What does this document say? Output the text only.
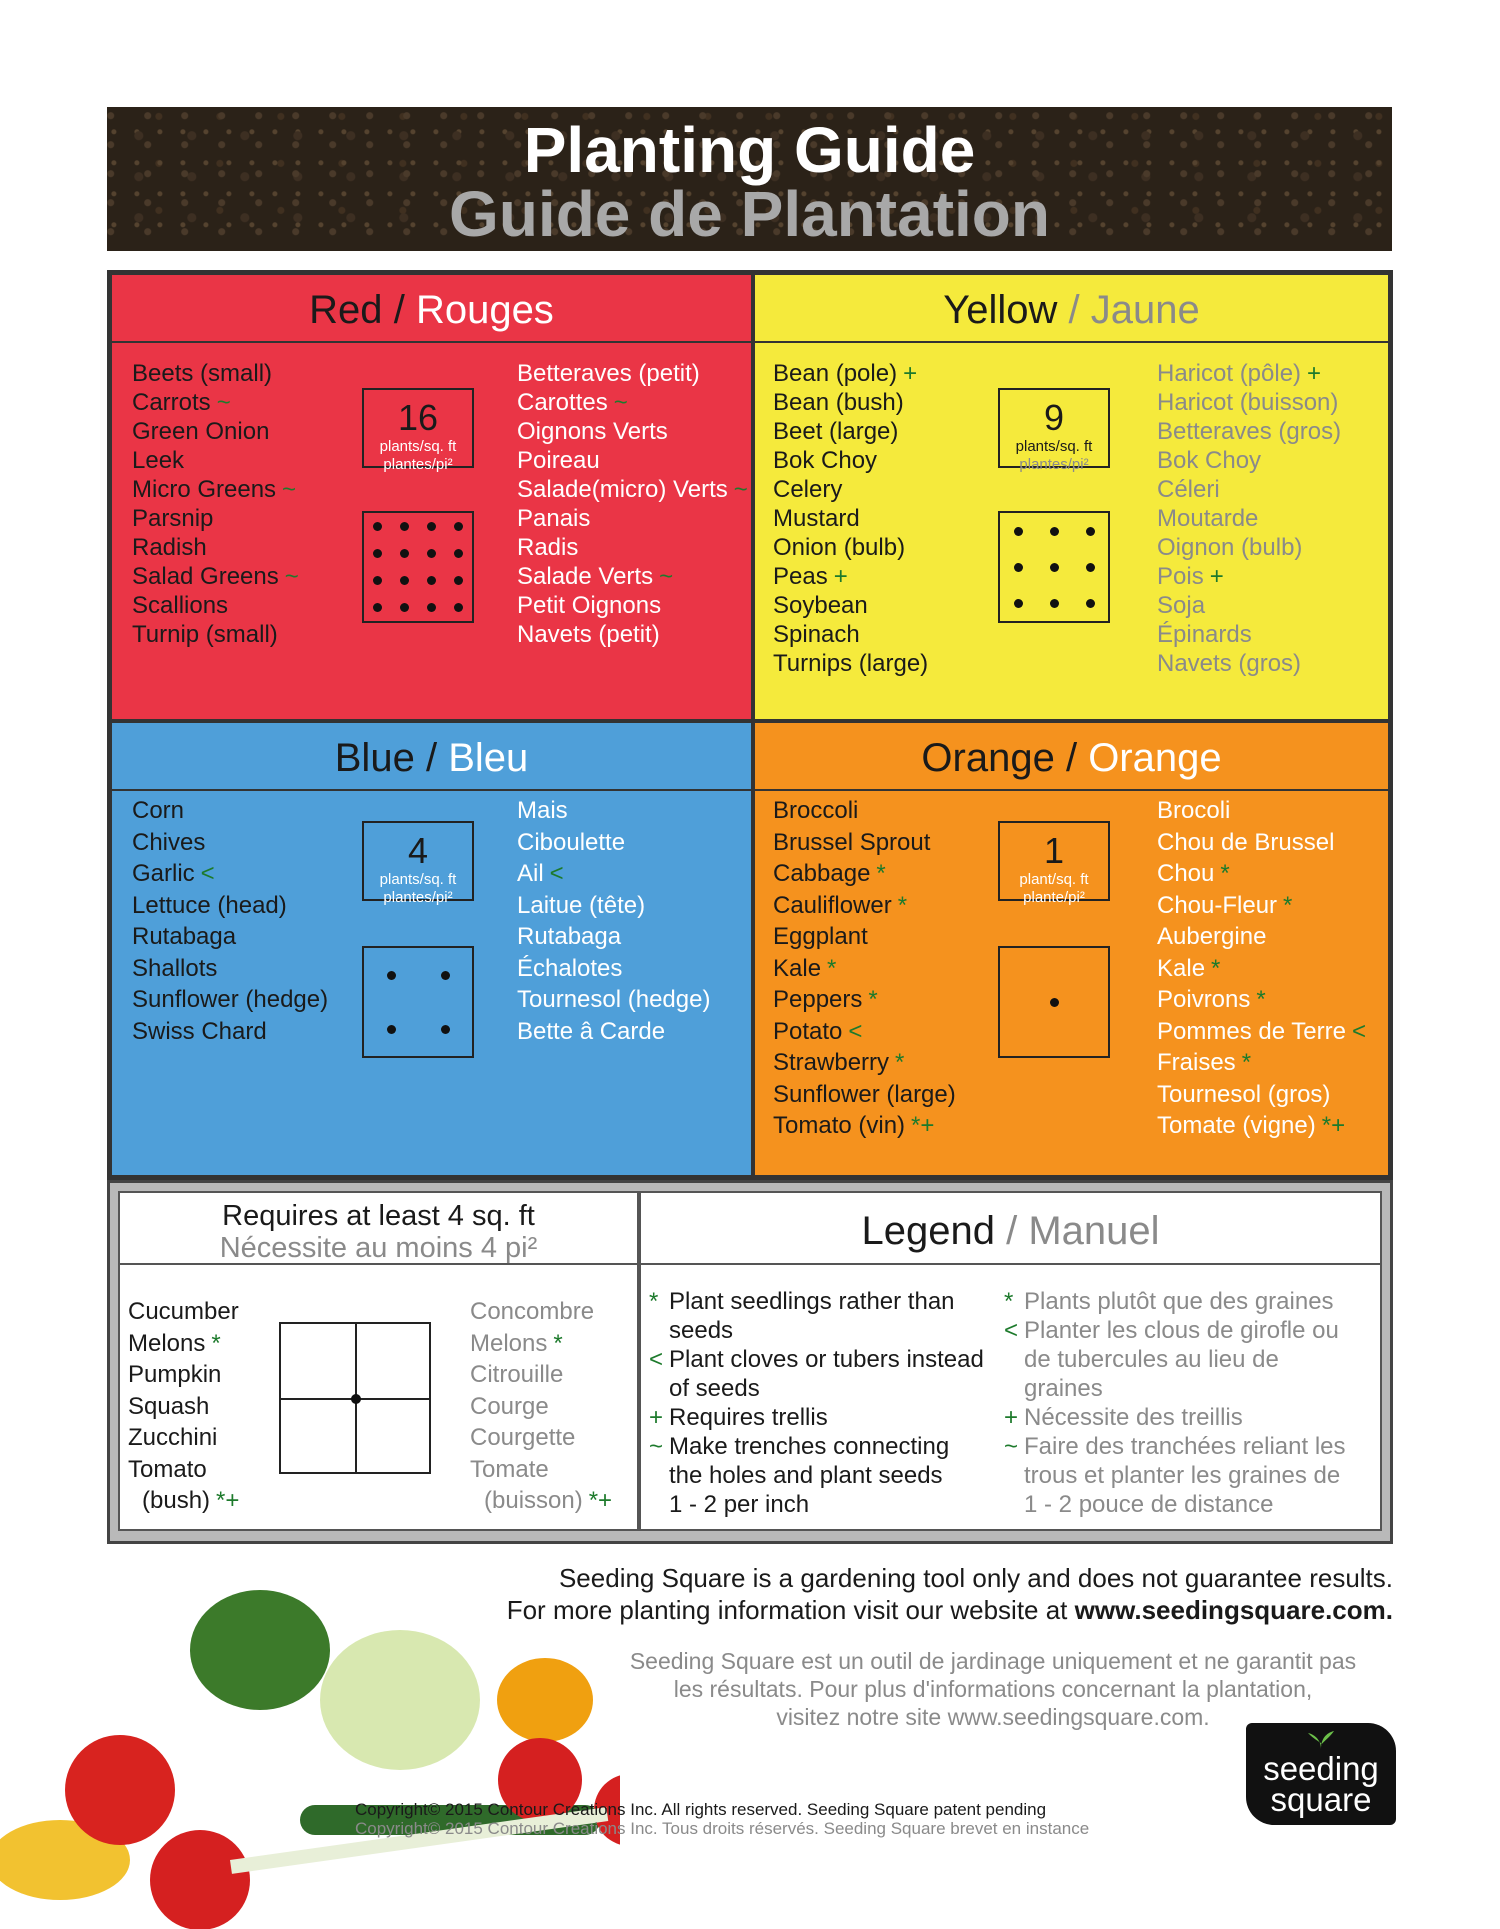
Planting Guide
Guide de Plantation
Red / Rouges
Beets (small)
Carrots ~
Green Onion
Leek
Micro Greens ~
Parsnip
Radish
Salad Greens ~
Scallions
Turnip (small)
16
plants/sq. ft
plantes/pi²
Betteraves (petit)
Carottes ~
Oignons Verts
Poireau
Salade(micro) Verts ~
Panais
Radis
Salade Verts ~
Petit Oignons
Navets (petit)
Yellow / Jaune
Bean (pole) +
Bean (bush)
Beet (large)
Bok Choy
Celery
Mustard
Onion (bulb)
Peas +
Soybean
Spinach
Turnips (large)
9
plants/sq. ft
plantes/pi²
Haricot (pôle) +
Haricot (buisson)
Betteraves (gros)
Bok Choy
Céleri
Moutarde
Oignon (bulb)
Pois +
Soja
Épinards
Navets (gros)
Blue / Bleu
Corn
Chives
Garlic <
Lettuce (head)
Rutabaga
Shallots
Sunflower (hedge)
Swiss Chard
4
plants/sq. ft
plantes/pi²
Mais
Ciboulette
Ail <
Laitue (tête)
Rutabaga
Échalotes
Tournesol (hedge)
Bette â Carde
Orange / Orange
Broccoli
Brussel Sprout
Cabbage *
Cauliflower *
Eggplant
Kale *
Peppers *
Potato <
Strawberry *
Sunflower (large)
Tomato (vin) *+
1
plant/sq. ft
plante/pi²
Brocoli
Chou de Brussel
Chou *
Chou-Fleur *
Aubergine
Kale *
Poivrons *
Pommes de Terre <
Fraises *
Tournesol (gros)
Tomate (vigne) *+
Requires at least 4 sq. ft
Nécessite au moins 4 pi²
Cucumber
Melons *
Pumpkin
Squash
Zucchini
Tomato
(bush) *+
Concombre
Melons *
Citrouille
Courge
Courgette
Tomate
(buisson) *+
Legend / Manuel
* Plant seedlings rather than
seeds
< Plant cloves or tubers instead
of seeds
+ Requires trellis
~ Make trenches connecting
the holes and plant seeds
1 - 2 per inch
* Plants plutôt que des graines
< Planter les clous de girofle ou
de tubercules au lieu de
graines
+ Nécessite des treillis
~ Faire des tranchées reliant les
trous et planter les graines de
1 - 2 pouce de distance
Seeding Square is a gardening tool only and does not guarantee results.
For more planting information visit our website at www.seedingsquare.com.
Seeding Square est un outil de jardinage uniquement et ne garantit pas
les résultats. Pour plus d'informations concernant la plantation,
visitez notre site www.seedingsquare.com.
Copyright© 2015 Contour Creations Inc. All rights reserved. Seeding Square patent pending
Copyright© 2015 Contour Creations Inc. Tous droits réservés. Seeding Square brevet en instance
seeding
square
